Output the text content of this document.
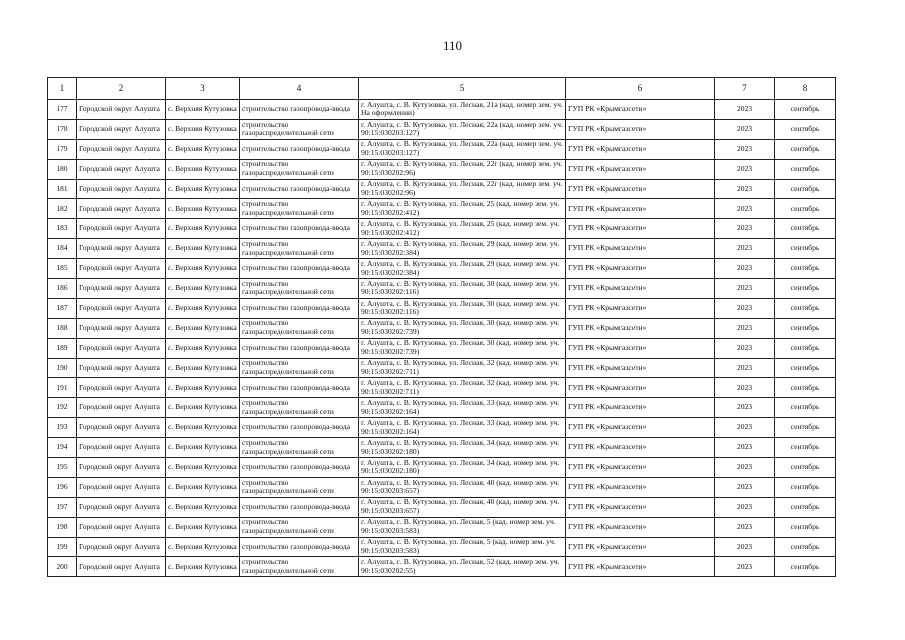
110
1	2	3	4	5	6	7	8
177	Городской округ Алушта	с. Верхняя Кутузовка	строительство газопровода-ввода	г. Алушта, с. В. Кутузовка, ул. Лесная, 21а (кад. номер зем. уч. На оформлении)	ГУП РК «Крымгазсети»	2023	сентябрь
178	Городской округ Алушта	с. Верхняя Кутузовка	строительство газораспределительной сети	г. Алушта, с. В. Кутузовка, ул. Лесная, 22а (кад. номер зем. уч. 90:15:030203:127)	ГУП РК «Крымгазсети»	2023	сентябрь
179	Городской округ Алушта	с. Верхняя Кутузовка	строительство газопровода-ввода	г. Алушта, с. В. Кутузовка, ул. Лесная, 22а (кад. номер зем. уч. 90:15:030203:127)	ГУП РК «Крымгазсети»	2023	сентябрь
180	Городской округ Алушта	с. Верхняя Кутузовка	строительство газораспределительной сети	г. Алушта, с. В. Кутузовка, ул. Лесная, 22г (кад. номер зем. уч. 90:15:030202:96)	ГУП РК «Крымгазсети»	2023	сентябрь
181	Городской округ Алушта	с. Верхняя Кутузовка	строительство газопровода-ввода	г. Алушта, с. В. Кутузовка, ул. Лесная, 22г (кад. номер зем. уч. 90:15:030202:96)	ГУП РК «Крымгазсети»	2023	сентябрь
182	Городской округ Алушта	с. Верхняя Кутузовка	строительство газораспределительной сети	г. Алушта, с. В. Кутузовка, ул. Лесная, 25 (кад. номер зем. уч. 90:15:030202:412)	ГУП РК «Крымгазсети»	2023	сентябрь
183	Городской округ Алушта	с. Верхняя Кутузовка	строительство газопровода-ввода	г. Алушта, с. В. Кутузовка, ул. Лесная, 25 (кад. номер зем. уч. 90:15:030202:412)	ГУП РК «Крымгазсети»	2023	сентябрь
184	Городской округ Алушта	с. Верхняя Кутузовка	строительство газораспределительной сети	г. Алушта, с. В. Кутузовка, ул. Лесная, 29 (кад. номер зем. уч. 90:15:030202:384)	ГУП РК «Крымгазсети»	2023	сентябрь
185	Городской округ Алушта	с. Верхняя Кутузовка	строительство газопровода-ввода	г. Алушта, с. В. Кутузовка, ул. Лесная, 29 (кад. номер зем. уч. 90:15:030202:384)	ГУП РК «Крымгазсети»	2023	сентябрь
186	Городской округ Алушта	с. Верхняя Кутузовка	строительство газораспределительной сети	г. Алушта, с. В. Кутузовка, ул. Лесная, 30 (кад. номер зем. уч. 90:15:030202:116)	ГУП РК «Крымгазсети»	2023	сентябрь
187	Городской округ Алушта	с. Верхняя Кутузовка	строительство газопровода-ввода	г. Алушта, с. В. Кутузовка, ул. Лесная, 30 (кад. номер зем. уч. 90:15:030202:116)	ГУП РК «Крымгазсети»	2023	сентябрь
188	Городской округ Алушта	с. Верхняя Кутузовка	строительство газораспределительной сети	г. Алушта, с. В. Кутузовка, ул. Лесная, 30 (кад. номер зем. уч. 90:15:030202:739)	ГУП РК «Крымгазсети»	2023	сентябрь
189	Городской округ Алушта	с. Верхняя Кутузовка	строительство газопровода-ввода	г. Алушта, с. В. Кутузовка, ул. Лесная, 30 (кад. номер зем. уч. 90:15:030202:739)	ГУП РК «Крымгазсети»	2023	сентябрь
190	Городской округ Алушта	с. Верхняя Кутузовка	строительство газораспределительной сети	г. Алушта, с. В. Кутузовка, ул. Лесная, 32 (кад. номер зем. уч. 90:15:030202:711)	ГУП РК «Крымгазсети»	2023	сентябрь
191	Городской округ Алушта	с. Верхняя Кутузовка	строительство газопровода-ввода	г. Алушта, с. В. Кутузовка, ул. Лесная, 32 (кад. номер зем. уч. 90:15:030202:711)	ГУП РК «Крымгазсети»	2023	сентябрь
192	Городской округ Алушта	с. Верхняя Кутузовка	строительство газораспределительной сети	г. Алушта, с. В. Кутузовка, ул. Лесная, 33 (кад. номер зем. уч. 90:15:030202:164)	ГУП РК «Крымгазсети»	2023	сентябрь
193	Городской округ Алушта	с. Верхняя Кутузовка	строительство газопровода-ввода	г. Алушта, с. В. Кутузовка, ул. Лесная, 33 (кад. номер зем. уч. 90:15:030202:164)	ГУП РК «Крымгазсети»	2023	сентябрь
194	Городской округ Алушта	с. Верхняя Кутузовка	строительство газораспределительной сети	г. Алушта, с. В. Кутузовка, ул. Лесная, 34 (кад. номер зем. уч. 90:15:030202:180)	ГУП РК «Крымгазсети»	2023	сентябрь
195	Городской округ Алушта	с. Верхняя Кутузовка	строительство газопровода-ввода	г. Алушта, с. В. Кутузовка, ул. Лесная, 34 (кад. номер зем. уч. 90:15:030202:180)	ГУП РК «Крымгазсети»	2023	сентябрь
196	Городской округ Алушта	с. Верхняя Кутузовка	строительство газораспределительной сети	г. Алушта, с. В. Кутузовка, ул. Лесная, 40 (кад. номер зем. уч. 90:15:030203:657)	ГУП РК «Крымгазсети»	2023	сентябрь
197	Городской округ Алушта	с. Верхняя Кутузовка	строительство газопровода-ввода	г. Алушта, с. В. Кутузовка, ул. Лесная, 40 (кад. номер зем. уч. 90:15:030203:657)	ГУП РК «Крымгазсети»	2023	сентябрь
198	Городской округ Алушта	с. Верхняя Кутузовка	строительство газораспределительной сети	г. Алушта, с. В. Кутузовка, ул. Лесная, 5 (кад. номер зем. уч. 90:15:030203:583)	ГУП РК «Крымгазсети»	2023	сентябрь
199	Городской округ Алушта	с. Верхняя Кутузовка	строительство газопровода-ввода	г. Алушта, с. В. Кутузовка, ул. Лесная, 5 (кад. номер зем. уч. 90:15:030203:583)	ГУП РК «Крымгазсети»	2023	сентябрь
200	Городской округ Алушта	с. Верхняя Кутузовка	строительство газораспределительной сети	г. Алушта, с. В. Кутузовка, ул. Лесная, 52 (кад. номер зем. уч. 90:15:030202:55)	ГУП РК «Крымгазсети»	2023	сентябрь
